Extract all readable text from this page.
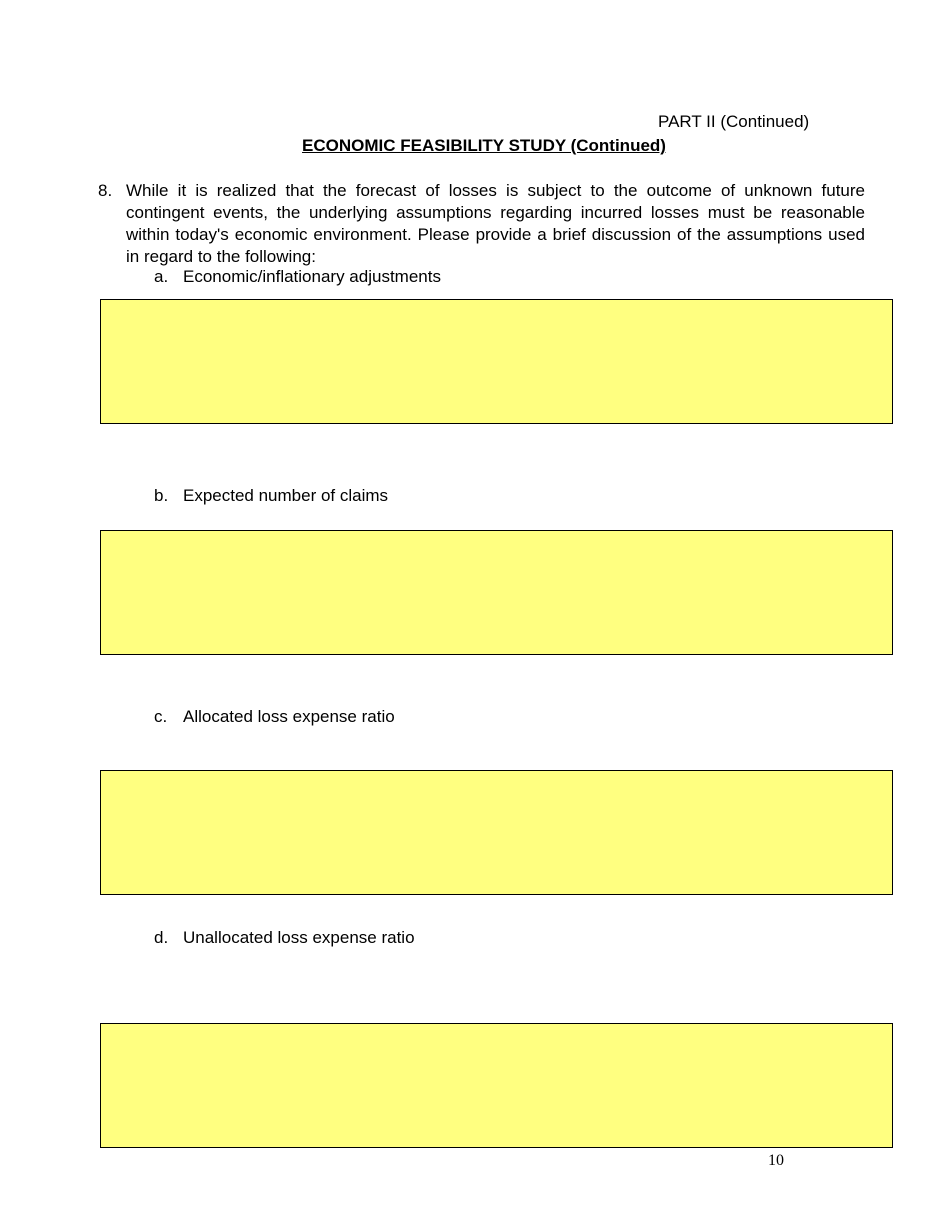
PART II (Continued)
ECONOMIC FEASIBILITY STUDY (Continued)
8. While it is realized that the forecast of losses is subject to the outcome of unknown future contingent events, the underlying assumptions regarding incurred losses must be reasonable within today's economic environment. Please provide a brief discussion of the assumptions used in regard to the following:
a. Economic/inflationary adjustments
b. Expected number of claims
c. Allocated loss expense ratio
d. Unallocated loss expense ratio
10
